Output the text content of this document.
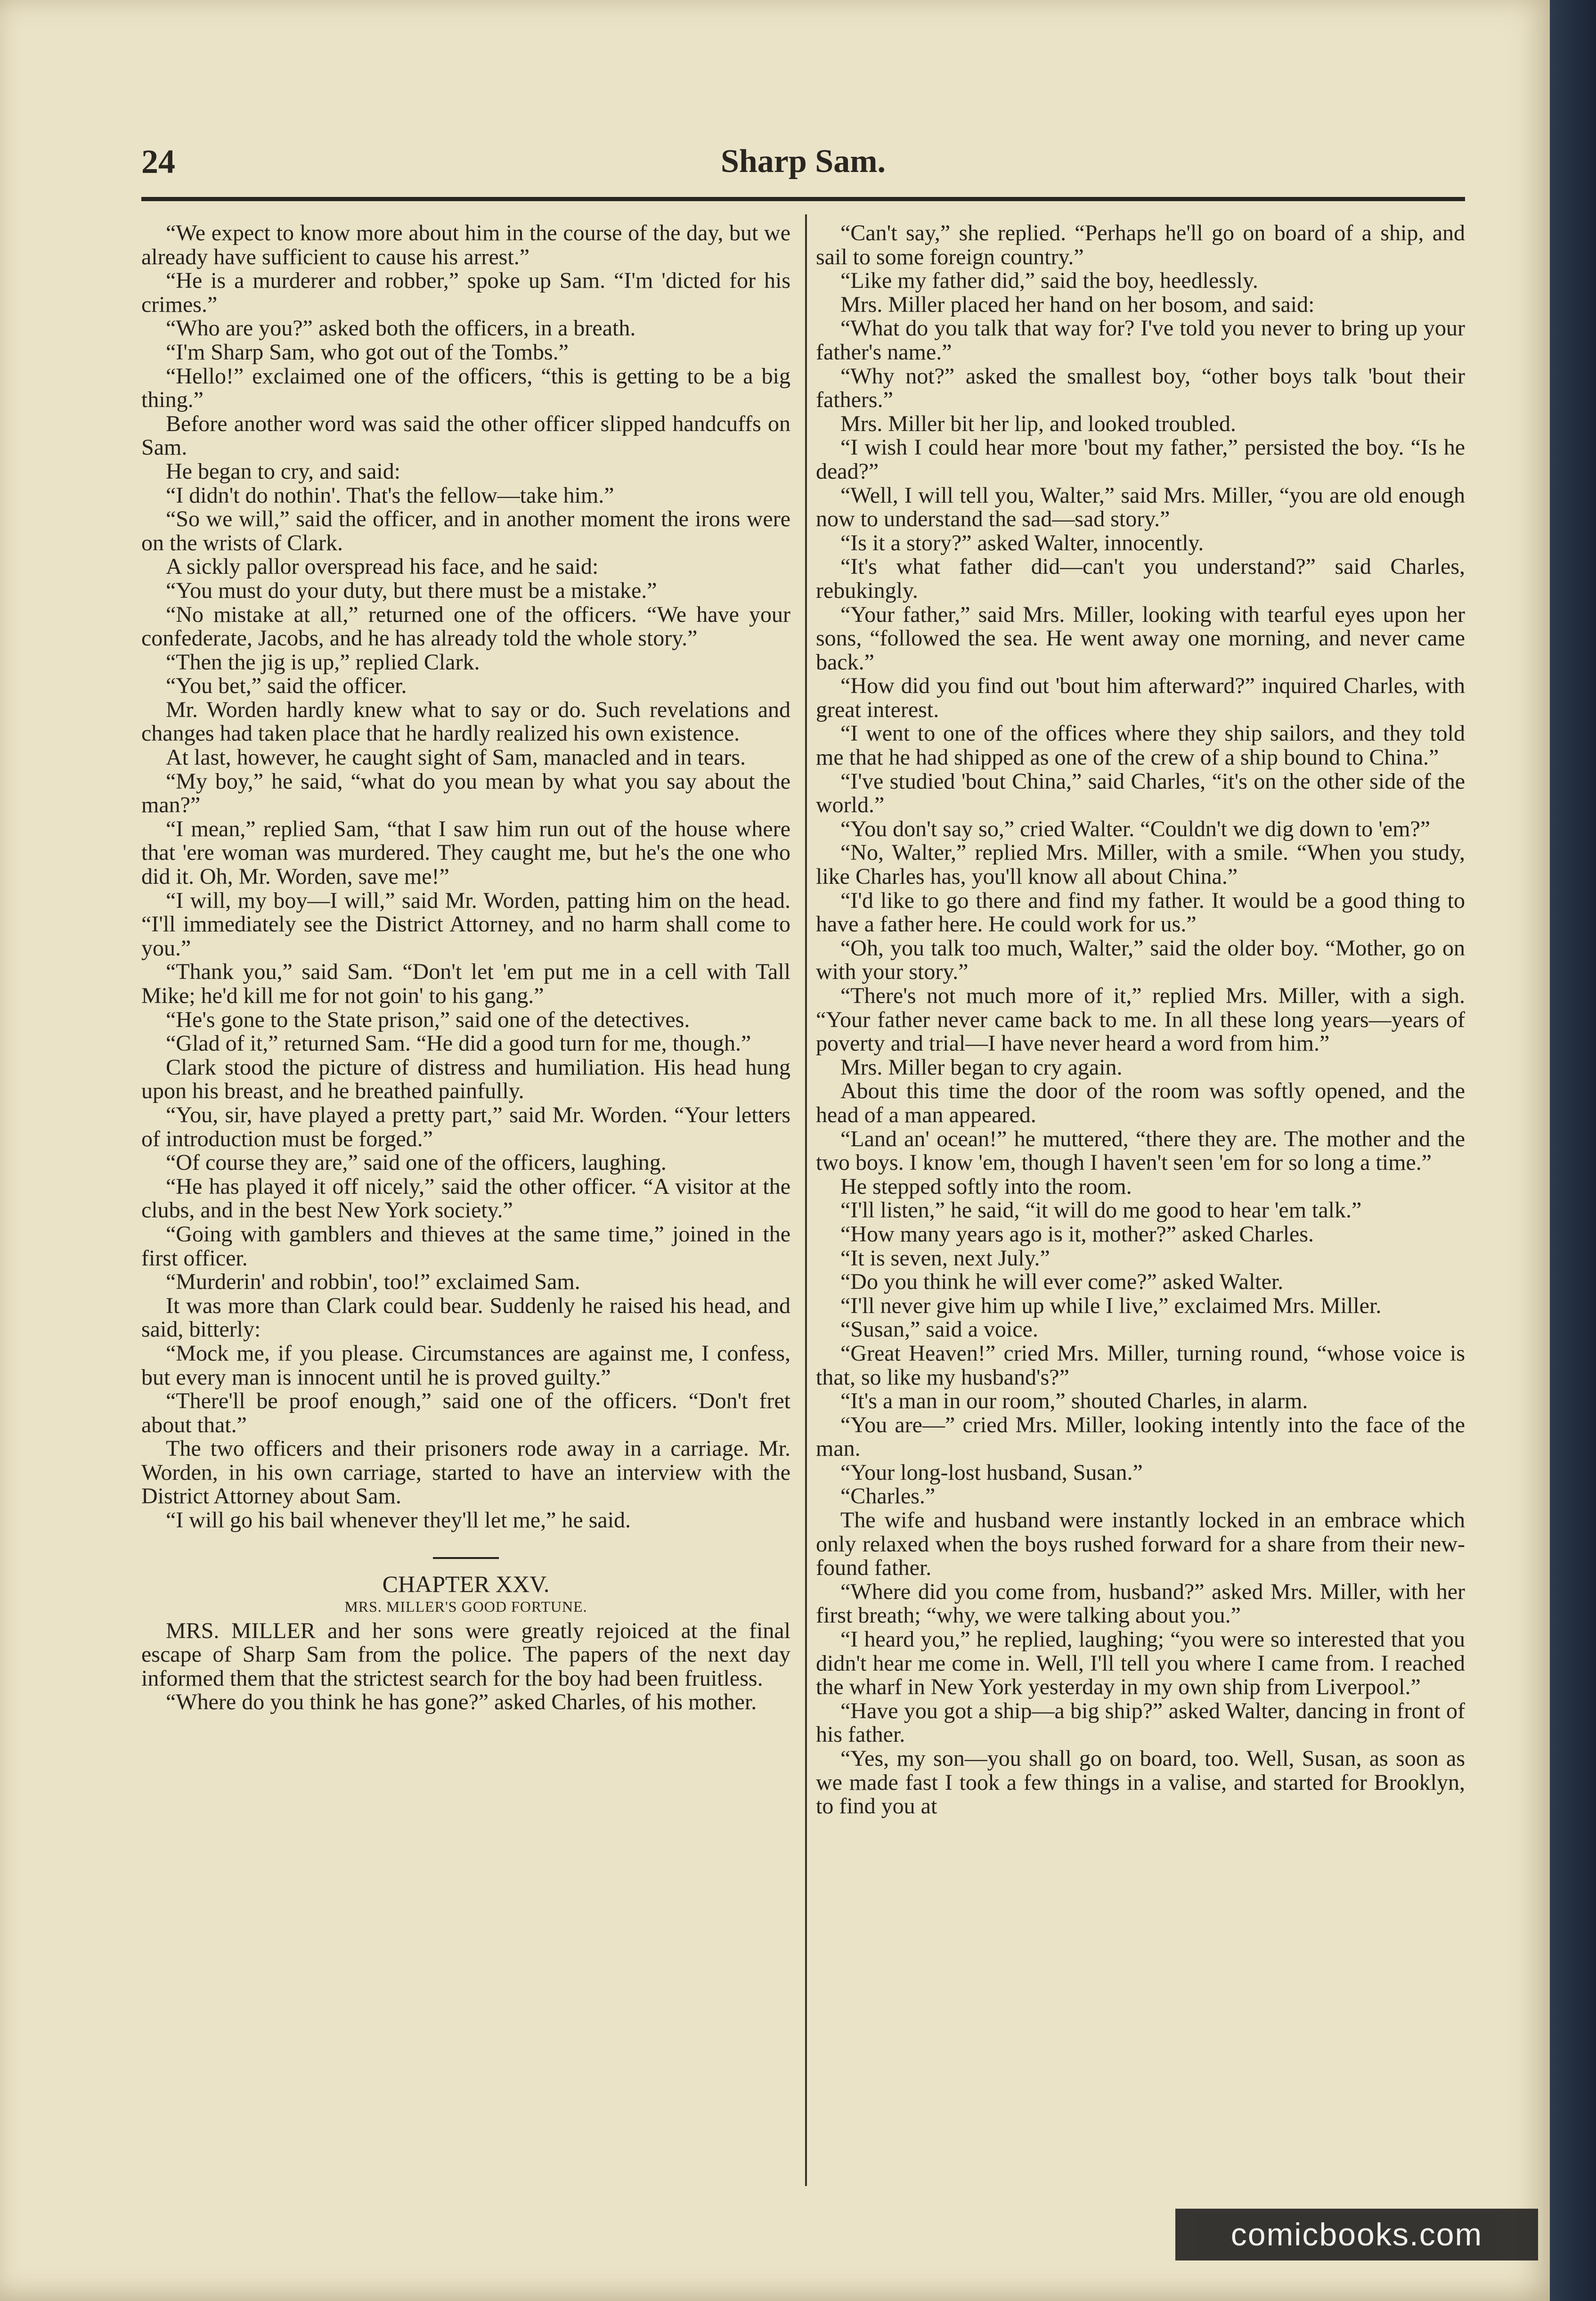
24	Sharp Sam.

“We expect to know more about him in the course of the day, but we already have sufficient to cause his arrest.”

“He is a murderer and robber,” spoke up Sam. “I'm 'dicted for his crimes.”

“Who are you?” asked both the officers, in a breath.

“I'm Sharp Sam, who got out of the Tombs.”

“Hello!” exclaimed one of the officers, “this is getting to be a big thing.”

Before another word was said the other officer slipped handcuffs on Sam.

He began to cry, and said:

“I didn't do nothin'. That's the fellow—take him.”

“So we will,” said the officer, and in another moment the irons were on the wrists of Clark.

A sickly pallor overspread his face, and he said:

“You must do your duty, but there must be a mistake.”

“No mistake at all,” returned one of the officers. “We have your confederate, Jacobs, and he has already told the whole story.”

“Then the jig is up,” replied Clark.

“You bet,” said the officer.

Mr. Worden hardly knew what to say or do. Such revelations and changes had taken place that he hardly realized his own existence.

At last, however, he caught sight of Sam, manacled and in tears.

“My boy,” he said, “what do you mean by what you say about the man?”

“I mean,” replied Sam, “that I saw him run out of the house where that 'ere woman was murdered. They caught me, but he's the one who did it. Oh, Mr. Worden, save me!”

“I will, my boy—I will,” said Mr. Worden, patting him on the head. “I'll immediately see the District Attorney, and no harm shall come to you.”

“Thank you,” said Sam. “Don't let 'em put me in a cell with Tall Mike; he'd kill me for not goin' to his gang.”

“He's gone to the State prison,” said one of the detectives.

“Glad of it,” returned Sam. “He did a good turn for me, though.”

Clark stood the picture of distress and humiliation. His head hung upon his breast, and he breathed painfully.

“You, sir, have played a pretty part,” said Mr. Worden. “Your letters of introduction must be forged.”

“Of course they are,” said one of the officers, laughing.

“He has played it off nicely,” said the other officer. “A visitor at the clubs, and in the best New York society.”

“Going with gamblers and thieves at the same time,” joined in the first officer.

“Murderin' and robbin', too!” exclaimed Sam.

It was more than Clark could bear. Suddenly he raised his head, and said, bitterly:

“Mock me, if you please. Circumstances are against me, I confess, but every man is innocent until he is proved guilty.”

“There'll be proof enough,” said one of the officers. “Don't fret about that.”

The two officers and their prisoners rode away in a carriage. Mr. Worden, in his own carriage, started to have an interview with the District Attorney about Sam.

“I will go his bail whenever they'll let me,” he said.

CHAPTER XXV.

MRS. MILLER'S GOOD FORTUNE.

MRS. MILLER and her sons were greatly rejoiced at the final escape of Sharp Sam from the police. The papers of the next day informed them that the strictest search for the boy had been fruitless.

“Where do you think he has gone?” asked Charles, of his mother.

“Can't say,” she replied. “Perhaps he'll go on board of a ship, and sail to some foreign country.”

“Like my father did,” said the boy, heedlessly.

Mrs. Miller placed her hand on her bosom, and said:

“What do you talk that way for? I've told you never to bring up your father's name.”

“Why not?” asked the smallest boy, “other boys talk 'bout their fathers.”

Mrs. Miller bit her lip, and looked troubled.

“I wish I could hear more 'bout my father,” persisted the boy. “Is he dead?”

“Well, I will tell you, Walter,” said Mrs. Miller, “you are old enough now to understand the sad—sad story.”

“Is it a story?” asked Walter, innocently.

“It's what father did—can't you understand?” said Charles, rebukingly.

“Your father,” said Mrs. Miller, looking with tearful eyes upon her sons, “followed the sea. He went away one morning, and never came back.”

“How did you find out 'bout him afterward?” inquired Charles, with great interest.

“I went to one of the offices where they ship sailors, and they told me that he had shipped as one of the crew of a ship bound to China.”

“I've studied 'bout China,” said Charles, “it's on the other side of the world.”

“You don't say so,” cried Walter. “Couldn't we dig down to 'em?”

“No, Walter,” replied Mrs. Miller, with a smile. “When you study, like Charles has, you'll know all about China.”

“I'd like to go there and find my father. It would be a good thing to have a father here. He could work for us.”

“Oh, you talk too much, Walter,” said the older boy. “Mother, go on with your story.”

“There's not much more of it,” replied Mrs. Miller, with a sigh. “Your father never came back to me. In all these long years—years of poverty and trial—I have never heard a word from him.”

Mrs. Miller began to cry again.

About this time the door of the room was softly opened, and the head of a man appeared.

“Land an' ocean!” he muttered, “there they are. The mother and the two boys. I know 'em, though I haven't seen 'em for so long a time.”

He stepped softly into the room.

“I'll listen,” he said, “it will do me good to hear 'em talk.”

“How many years ago is it, mother?” asked Charles.

“It is seven, next July.”

“Do you think he will ever come?” asked Walter.

“I'll never give him up while I live,” exclaimed Mrs. Miller.

“Susan,” said a voice.

“Great Heaven!” cried Mrs. Miller, turning round, “whose voice is that, so like my husband's?”

“It's a man in our room,” shouted Charles, in alarm.

“You are—” cried Mrs. Miller, looking intently into the face of the man.

“Your long-lost husband, Susan.”

“Charles.”

The wife and husband were instantly locked in an embrace which only relaxed when the boys rushed forward for a share from their new-found father.

“Where did you come from, husband?” asked Mrs. Miller, with her first breath; “why, we were talking about you.”

“I heard you,” he replied, laughing; “you were so interested that you didn't hear me come in. Well, I'll tell you where I came from. I reached the wharf in New York yesterday in my own ship from Liverpool.”

“Have you got a ship—a big ship?” asked Walter, dancing in front of his father.

“Yes, my son—you shall go on board, too. Well, Susan, as soon as we made fast I took a few things in a valise, and started for Brooklyn, to find you at

comicbooks.com
